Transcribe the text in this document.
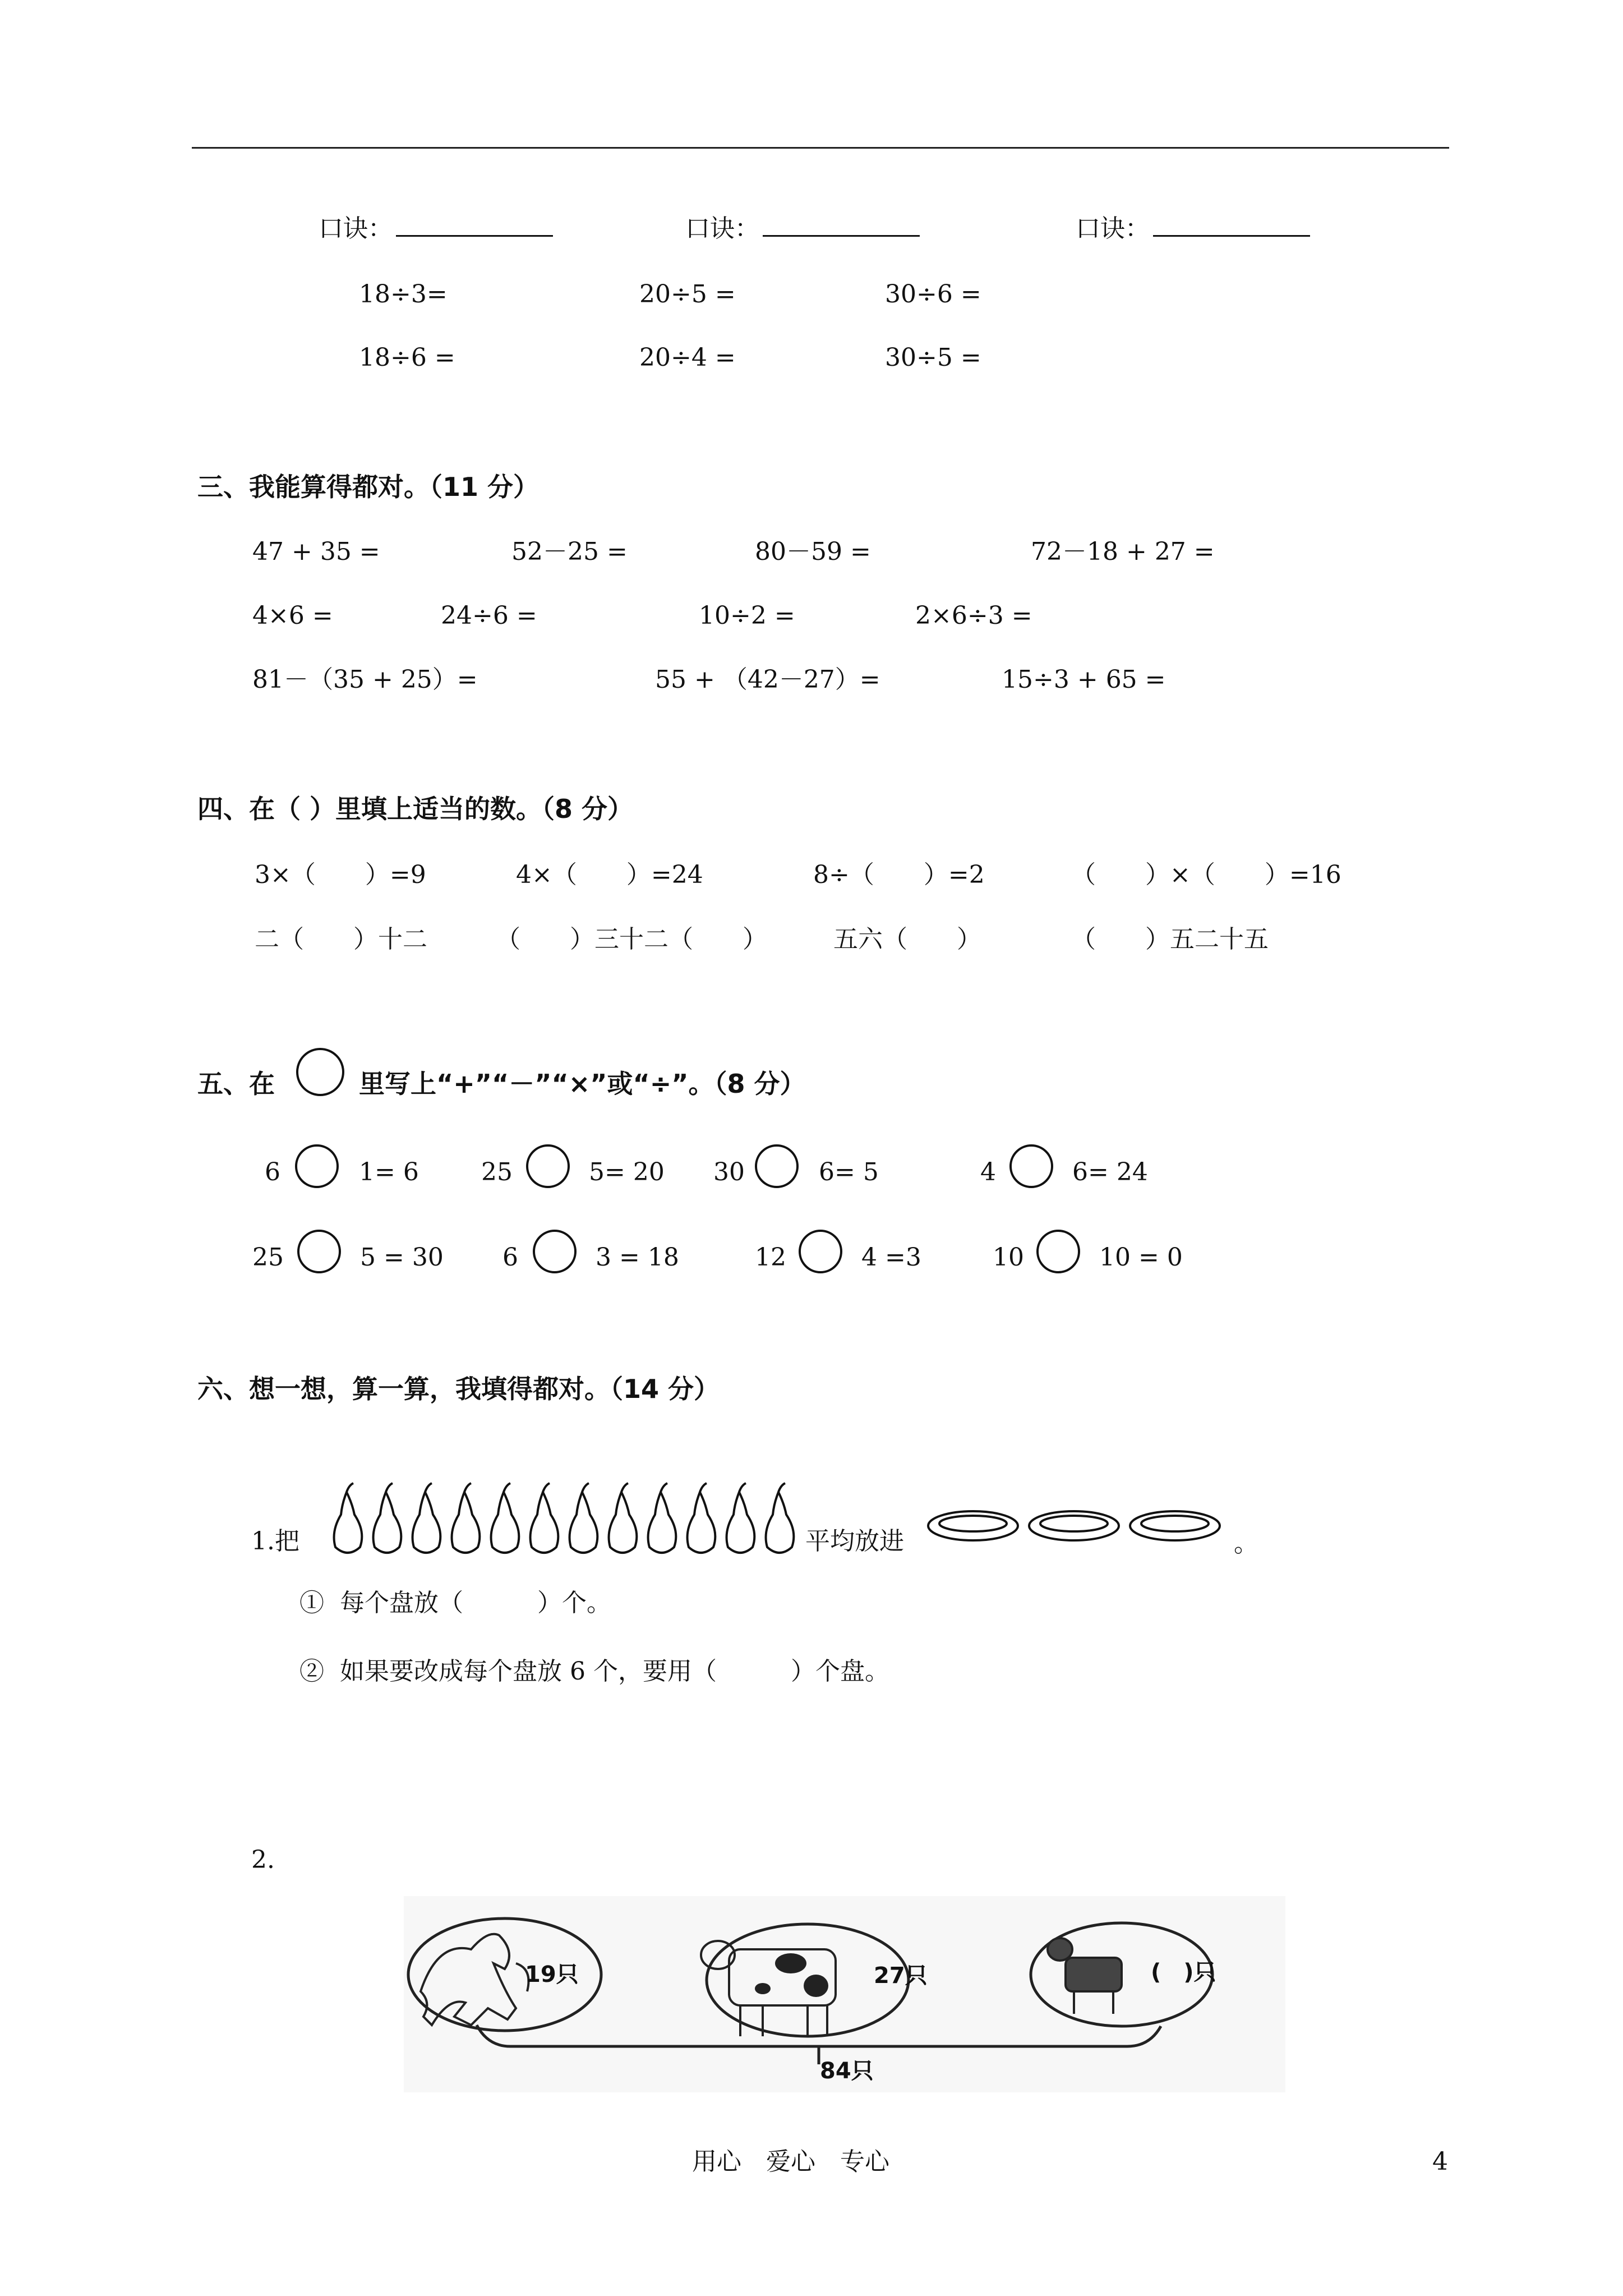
口诀：	口诀：	口诀：
18÷3=	20÷5 =	30÷6 =
18÷6 =	20÷4 =	30÷5 =
三、我能算得都对。（11 分）
47 + 35 =	52－25 =	80－59 =	72－18 + 27 =
4×6 =	24÷6 =	10÷2 =	2×6÷3 =
81－（35 + 25）=	55 + （42－27）=	15÷3 + 65 =
四、在（ ）里填上适当的数。（8 分）
3×（　　）=9	4×（　　）=24	8÷（　　）=2	（　　）×（　　）=16
二（　　）十二	（　　）三十二（　　）	五六（　　）	（　　）五二十五
五、在	里写上“+”“－”“×”或“÷”。（8 分）
6	1= 6	25	5= 20 30	6= 5	4	6= 24
25	5 = 30 6	3 = 18	12	4 =3	10	10 = 0
六、想一想，算一算，我填得都对。（14 分）
1.把	平均放进	。
①  每个盘放（　　　）个。
②  如果要改成每个盘放 6 个，要用（　　　）个盘。
2.
19只	27只	(　)只
84只
用心　爱心　专心	4
